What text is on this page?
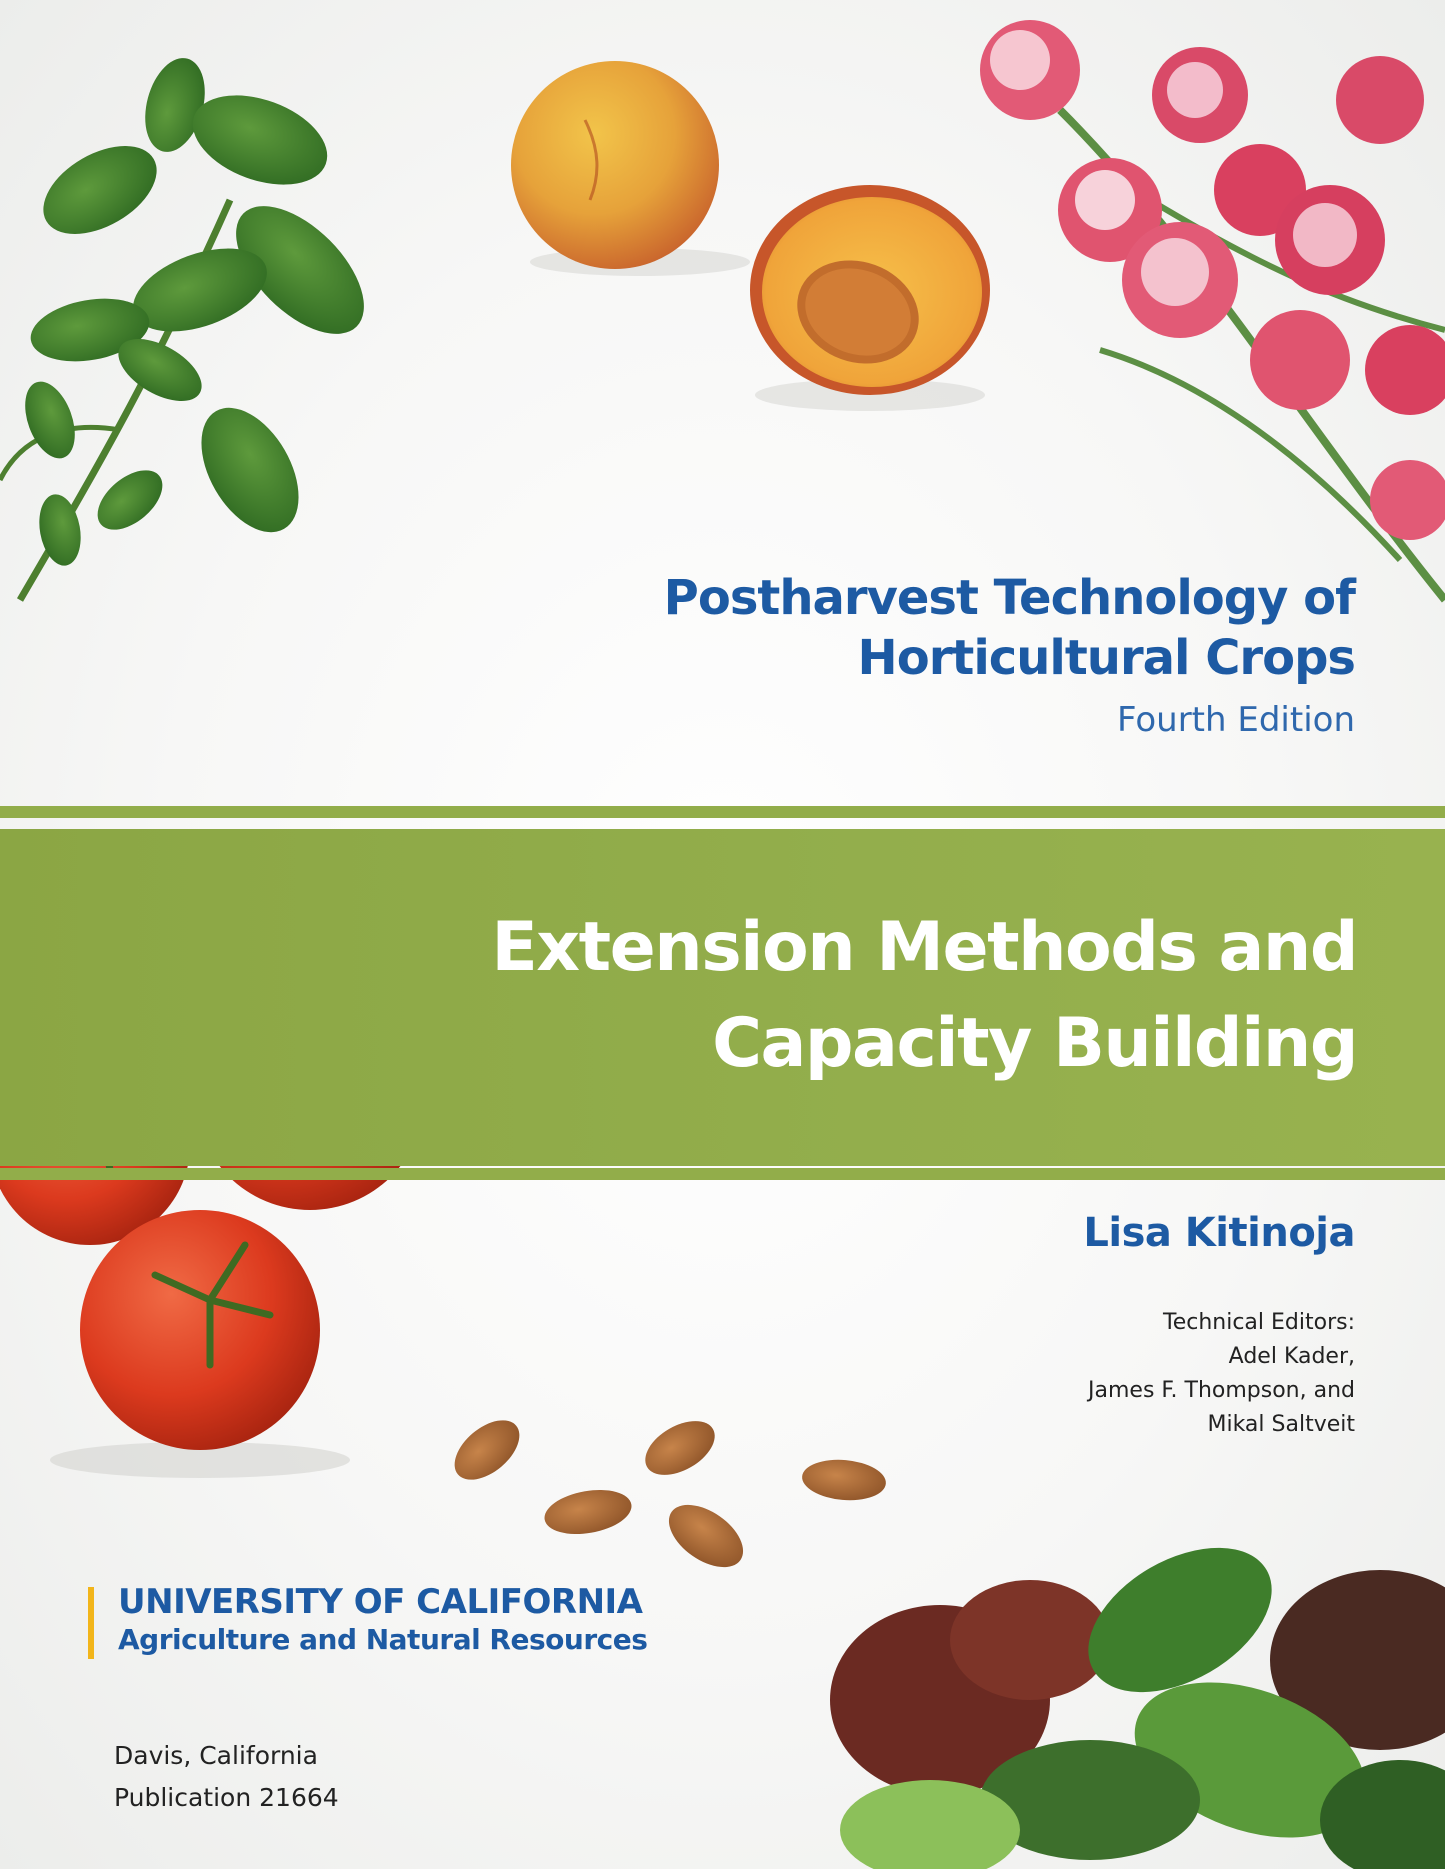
Postharvest Technology of
Horticultural Crops
Fourth Edition
Extension Methods and
Capacity Building
Lisa Kitinoja
Technical Editors:
Adel Kader,
James F. Thompson, and
Mikal Saltveit
UNIVERSITY OF CALIFORNIA
Agriculture and Natural Resources
Davis, California
Publication 21664
